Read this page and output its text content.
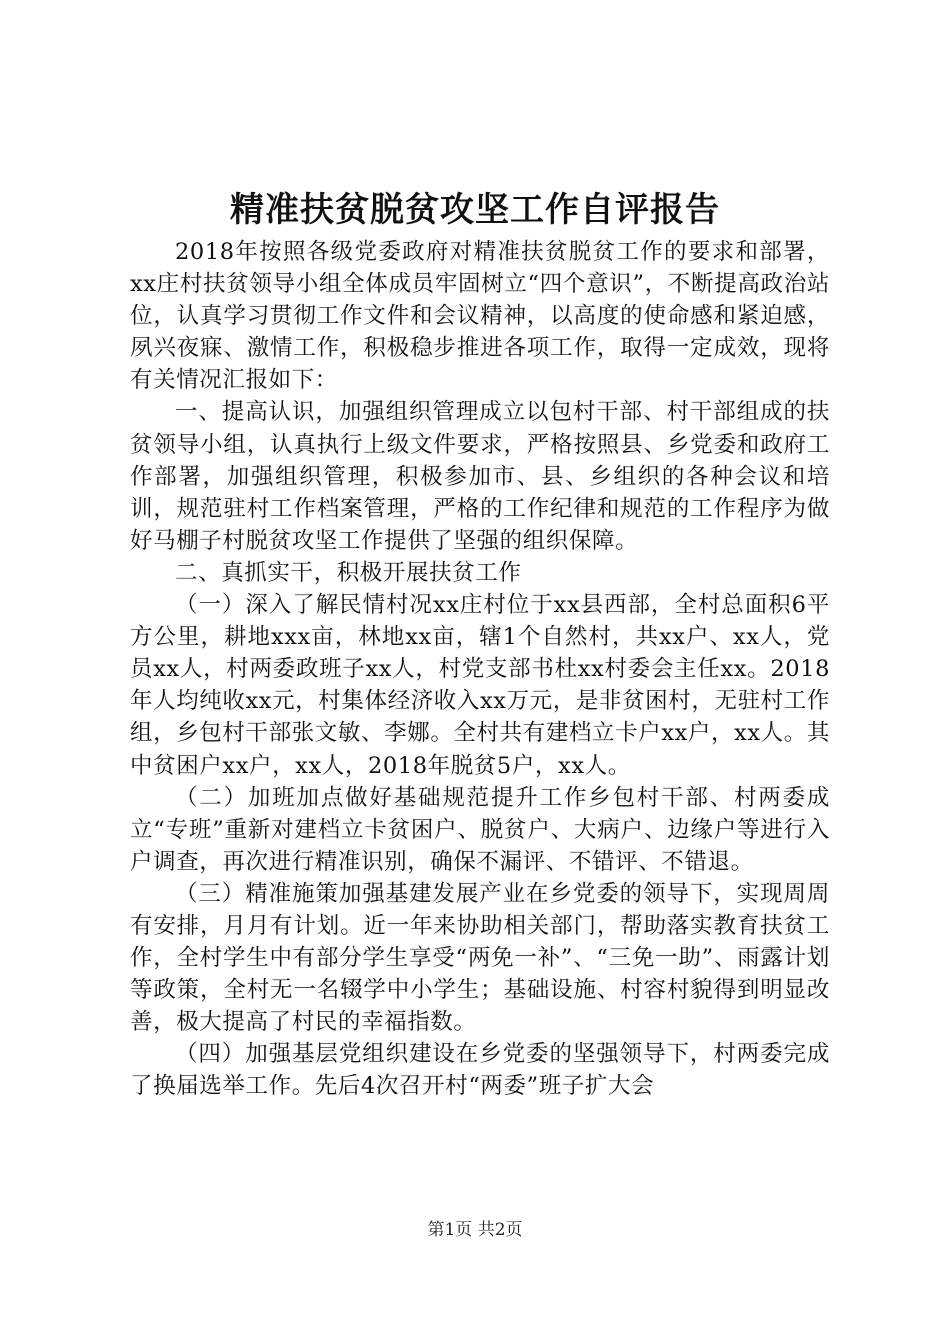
精准扶贫脱贫攻坚工作自评报告

2018年按照各级党委政府对精准扶贫脱贫工作的要求和部署，xx庄村扶贫领导小组全体成员牢固树立“四个意识”，不断提高政治站位，认真学习贯彻工作文件和会议精神，以高度的使命感和紧迫感，夙兴夜寐、激情工作，积极稳步推进各项工作，取得一定成效，现将有关情况汇报如下：

一、提高认识，加强组织管理成立以包村干部、村干部组成的扶贫领导小组，认真执行上级文件要求，严格按照县、乡党委和政府工作部署，加强组织管理，积极参加市、县、乡组织的各种会议和培训，规范驻村工作档案管理，严格的工作纪律和规范的工作程序为做好马棚子村脱贫攻坚工作提供了坚强的组织保障。

二、真抓实干，积极开展扶贫工作

（一）深入了解民情村况xx庄村位于xx县西部，全村总面积6平方公里，耕地xxx亩，林地xx亩，辖1个自然村，共xx户、xx人，党员xx人，村两委政班子xx人，村党支部书杜xx村委会主任xx。2018年人均纯收xx元，村集体经济收入xx万元，是非贫困村，无驻村工作组，乡包村干部张文敏、李娜。全村共有建档立卡户xx户，xx人。其中贫困户xx户，xx人，2018年脱贫5户，xx人。

（二）加班加点做好基础规范提升工作乡包村干部、村两委成立“专班”重新对建档立卡贫困户、脱贫户、大病户、边缘户等进行入户调查，再次进行精准识别，确保不漏评、不错评、不错退。

（三）精准施策加强基建发展产业在乡党委的领导下，实现周周有安排，月月有计划。近一年来协助相关部门，帮助落实教育扶贫工作，全村学生中有部分学生享受“两免一补”、“三免一助”、雨露计划等政策，全村无一名辍学中小学生；基础设施、村容村貌得到明显改善，极大提高了村民的幸福指数。

（四）加强基层党组织建设在乡党委的坚强领导下，村两委完成了换届选举工作。先后4次召开村“两委”班子扩大会

第1页 共2页
